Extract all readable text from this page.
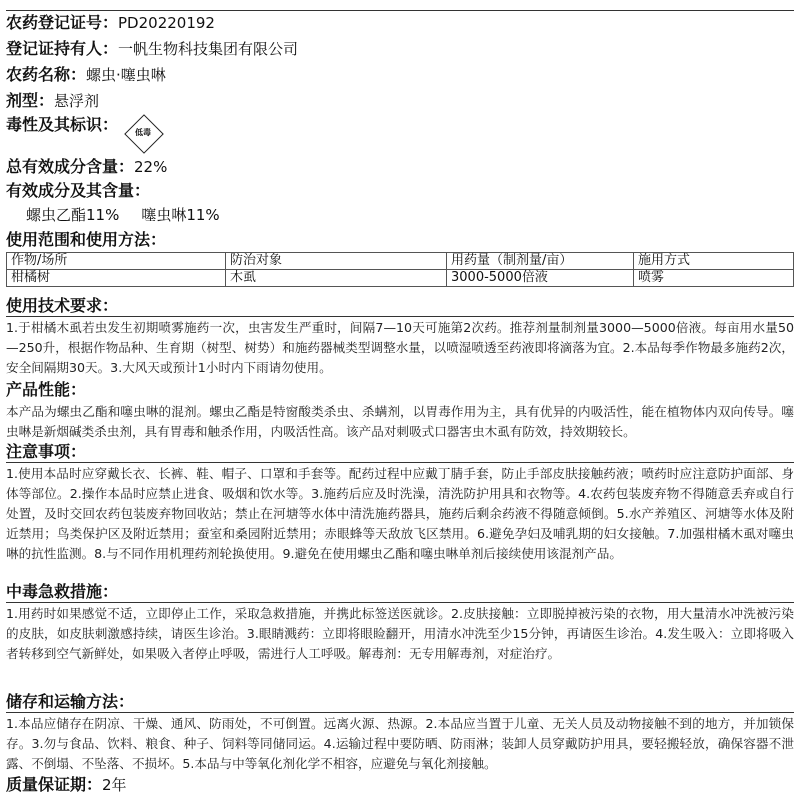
农药登记证号：PD20220192
登记证持有人：一帆生物科技集团有限公司
农药名称：螺虫·噻虫啉
剂型：悬浮剂
毒性及其标识：	低毒
总有效成分含量：22%
有效成分及其含量：
螺虫乙酯11% 噻虫啉11%
使用范围和使用方法：
作物/场所	防治对象	用药量（制剂量/亩）	施用方式
柑橘树	木虱	3000-5000倍液	喷雾
使用技术要求：
1.于柑橘木虱若虫发生初期喷雾施药一次，虫害发生严重时，间隔7—10天可施第2次药。推荐剂量制剂量3000—5000倍液。每亩用水量50—250升，根据作物品种、生育期（树型、树势）和施药器械类型调整水量，以喷湿喷透至药液即将滴落为宜。2.本品每季作物最多施药2次，安全间隔期30天。3.大风天或预计1小时内下雨请勿使用。
产品性能：
本产品为螺虫乙酯和噻虫啉的混剂。螺虫乙酯是特窗酸类杀虫、杀螨剂，以胃毒作用为主，具有优异的内吸活性，能在植物体内双向传导。噻虫啉是新烟碱类杀虫剂，具有胃毒和触杀作用，内吸活性高。该产品对刺吸式口器害虫木虱有防效，持效期较长。
注意事项：
1.使用本品时应穿戴长衣、长裤、鞋、帽子、口罩和手套等。配药过程中应戴丁腈手套，防止手部皮肤接触药液；喷药时应注意防护面部、身体等部位。2.操作本品时应禁止进食、吸烟和饮水等。3.施药后应及时洗澡，清洗防护用具和衣物等。4.农药包装废弃物不得随意丢弃或自行处置，及时交回农药包装废弃物回收站；禁止在河塘等水体中清洗施药器具，施药后剩余药液不得随意倾倒。5.水产养殖区、河塘等水体及附近禁用；鸟类保护区及附近禁用；蚕室和桑园附近禁用；赤眼蜂等天敌放飞区禁用。6.避免孕妇及哺乳期的妇女接触。7.加强柑橘木虱对噻虫啉的抗性监测。8.与不同作用机理药剂轮换使用。9.避免在使用螺虫乙酯和噻虫啉单剂后接续使用该混剂产品。
中毒急救措施：
1.用药时如果感觉不适，立即停止工作，采取急救措施，并携此标签送医就诊。2.皮肤接触：立即脱掉被污染的衣物，用大量清水冲洗被污染的皮肤，如皮肤刺激感持续，请医生诊治。3.眼睛溅药：立即将眼睑翻开，用清水冲洗至少15分钟，再请医生诊治。4.发生吸入：立即将吸入者转移到空气新鲜处，如果吸入者停止呼吸，需进行人工呼吸。解毒剂：无专用解毒剂，对症治疗。
储存和运输方法：
1.本品应储存在阴凉、干燥、通风、防雨处，不可倒置。远离火源、热源。2.本品应当置于儿童、无关人员及动物接触不到的地方，并加锁保存。3.勿与食品、饮料、粮食、种子、饲料等同储同运。4.运输过程中要防晒、防雨淋；装卸人员穿戴防护用具，要轻搬轻放，确保容器不泄露、不倒塌、不坠落、不损坏。5.本品与中等氧化剂化学不相容，应避免与氧化剂接触。
质量保证期：2年
